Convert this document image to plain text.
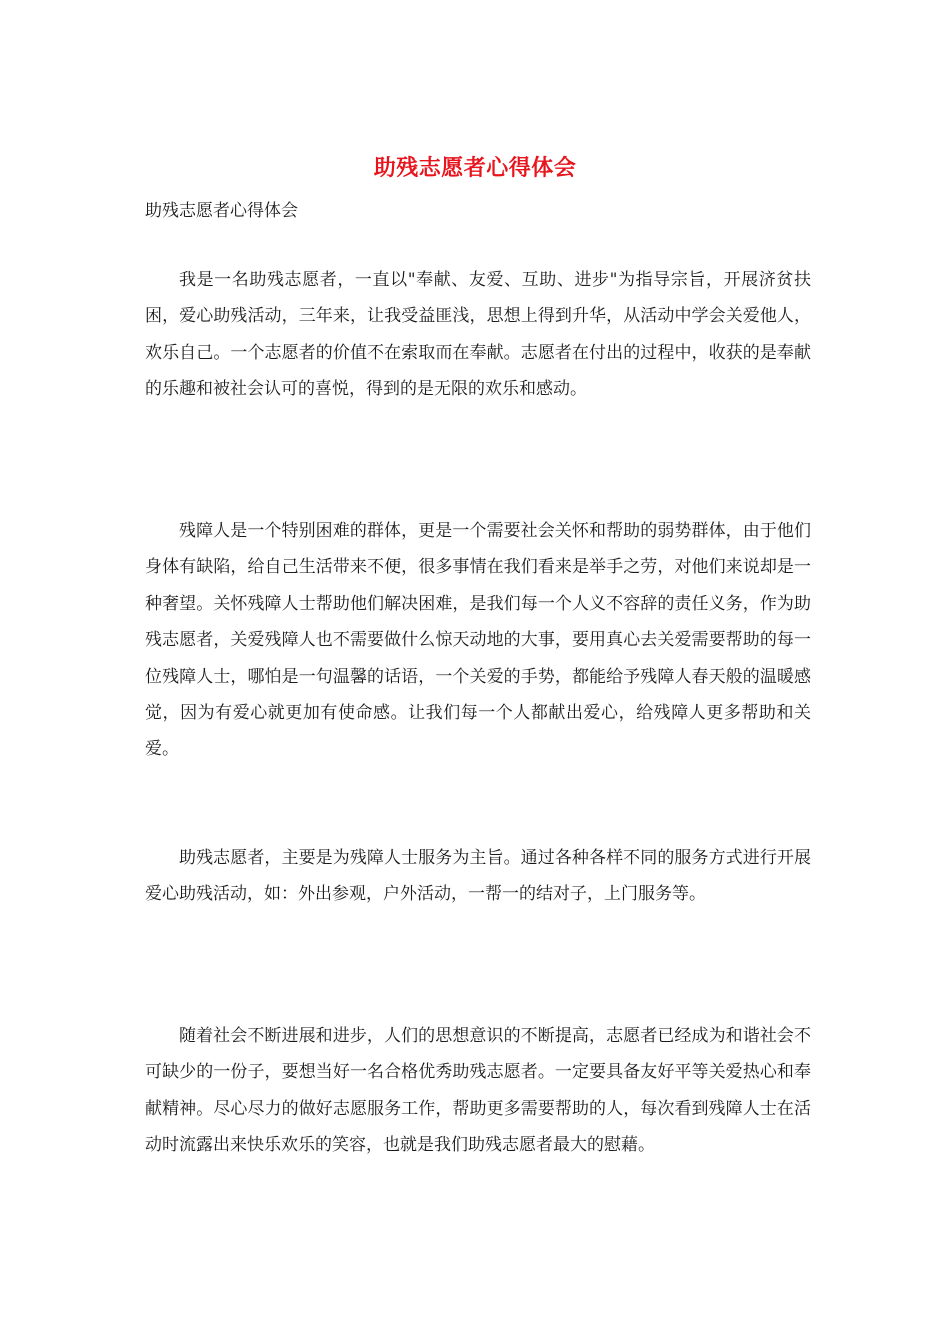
助残志愿者心得体会
助残志愿者心得体会

我是一名助残志愿者，一直以"奉献、友爱、互助、进步"为指导宗旨，开展济贫扶困，爱心助残活动，三年来，让我受益匪浅，思想上得到升华，从活动中学会关爱他人，欢乐自己。一个志愿者的价值不在索取而在奉献。志愿者在付出的过程中，收获的是奉献的乐趣和被社会认可的喜悦，得到的是无限的欢乐和感动。

残障人是一个特别困难的群体，更是一个需要社会关怀和帮助的弱势群体，由于他们身体有缺陷，给自己生活带来不便，很多事情在我们看来是举手之劳，对他们来说却是一种奢望。关怀残障人士帮助他们解决困难，是我们每一个人义不容辞的责任义务，作为助残志愿者，关爱残障人也不需要做什么惊天动地的大事，要用真心去关爱需要帮助的每一位残障人士，哪怕是一句温馨的话语，一个关爱的手势，都能给予残障人春天般的温暖感觉，因为有爱心就更加有使命感。让我们每一个人都献出爱心，给残障人更多帮助和关爱。

助残志愿者，主要是为残障人士服务为主旨。通过各种各样不同的服务方式进行开展爱心助残活动，如：外出参观，户外活动，一帮一的结对子，上门服务等。

随着社会不断进展和进步，人们的思想意识的不断提高，志愿者已经成为和谐社会不可缺少的一份子，要想当好一名合格优秀助残志愿者。一定要具备友好平等关爱热心和奉献精神。尽心尽力的做好志愿服务工作，帮助更多需要帮助的人，每次看到残障人士在活动时流露出来快乐欢乐的笑容，也就是我们助残志愿者最大的慰藉。
